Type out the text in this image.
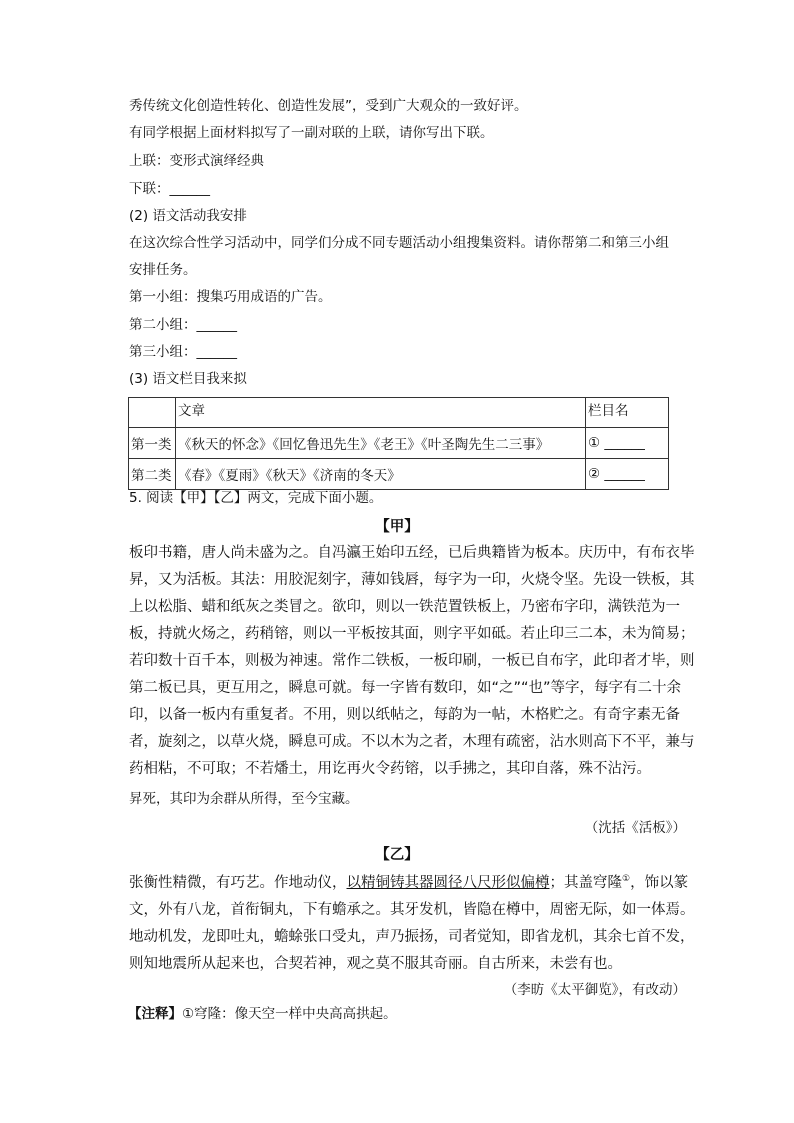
秀传统文化创造性转化、创造性发展”，受到广大观众的一致好评。
有同学根据上面材料拟写了一副对联的上联，请你写出下联。
上联：变形式演绎经典
下联：______
(2) 语文活动我安排
在这次综合性学习活动中，同学们分成不同专题活动小组搜集资料。请你帮第二和第三小组
安排任务。
第一小组：搜集巧用成语的广告。
第二小组：______
第三小组：______
(3) 语文栏目我来拟
	文章	栏目名
第一类	《秋天的怀念》《回忆鲁迅先生》《老王》《叶圣陶先生二三事》	① ______
第二类	《春》《夏雨》《秋天》《济南的冬天》	② ______
5. 阅读【甲】【乙】两文，完成下面小题。
【甲】
板印书籍，唐人尚未盛为之。自冯瀛王始印五经，已后典籍皆为板本。庆历中，有布衣毕昇，又为活板。其法：用胶泥刻字，薄如钱唇，每字为一印，火烧令坚。先设一铁板，其上以松脂、蜡和纸灰之类冒之。欲印，则以一铁范置铁板上，乃密布字印，满铁范为一板，持就火炀之，药稍镕，则以一平板按其面，则字平如砥。若止印三二本，未为简易；若印数十百千本，则极为神速。常作二铁板，一板印刷，一板已自布字，此印者才毕，则第二板已具，更互用之，瞬息可就。每一字皆有数印，如“之”“也”等字，每字有二十余印，以备一板内有重复者。不用，则以纸帖之，每韵为一帖，木格贮之。有奇字素无备者，旋刻之，以草火烧，瞬息可成。不以木为之者，木理有疏密，沾水则高下不平，兼与药相粘，不可取；不若燔土，用讫再火令药镕，以手拂之，其印自落，殊不沾污。
昇死，其印为余群从所得，至今宝藏。
（沈括《活板》）
【乙】
张衡性精微，有巧艺。作地动仪，以精铜铸其器圆径八尺形似偏樽；其盖穹隆①，饰以篆文，外有八龙，首衔铜丸，下有蟾承之。其牙发机，皆隐在樽中，周密无际，如一体焉。地动机发，龙即吐丸，蟾蜍张口受丸，声乃振扬，司者觉知，即省龙机，其余七首不发，则知地震所从起来也，合契若神，观之莫不服其奇丽。自古所来，未尝有也。
（李昉《太平御览》，有改动）
【注释】①穹隆：像天空一样中央高高拱起。
